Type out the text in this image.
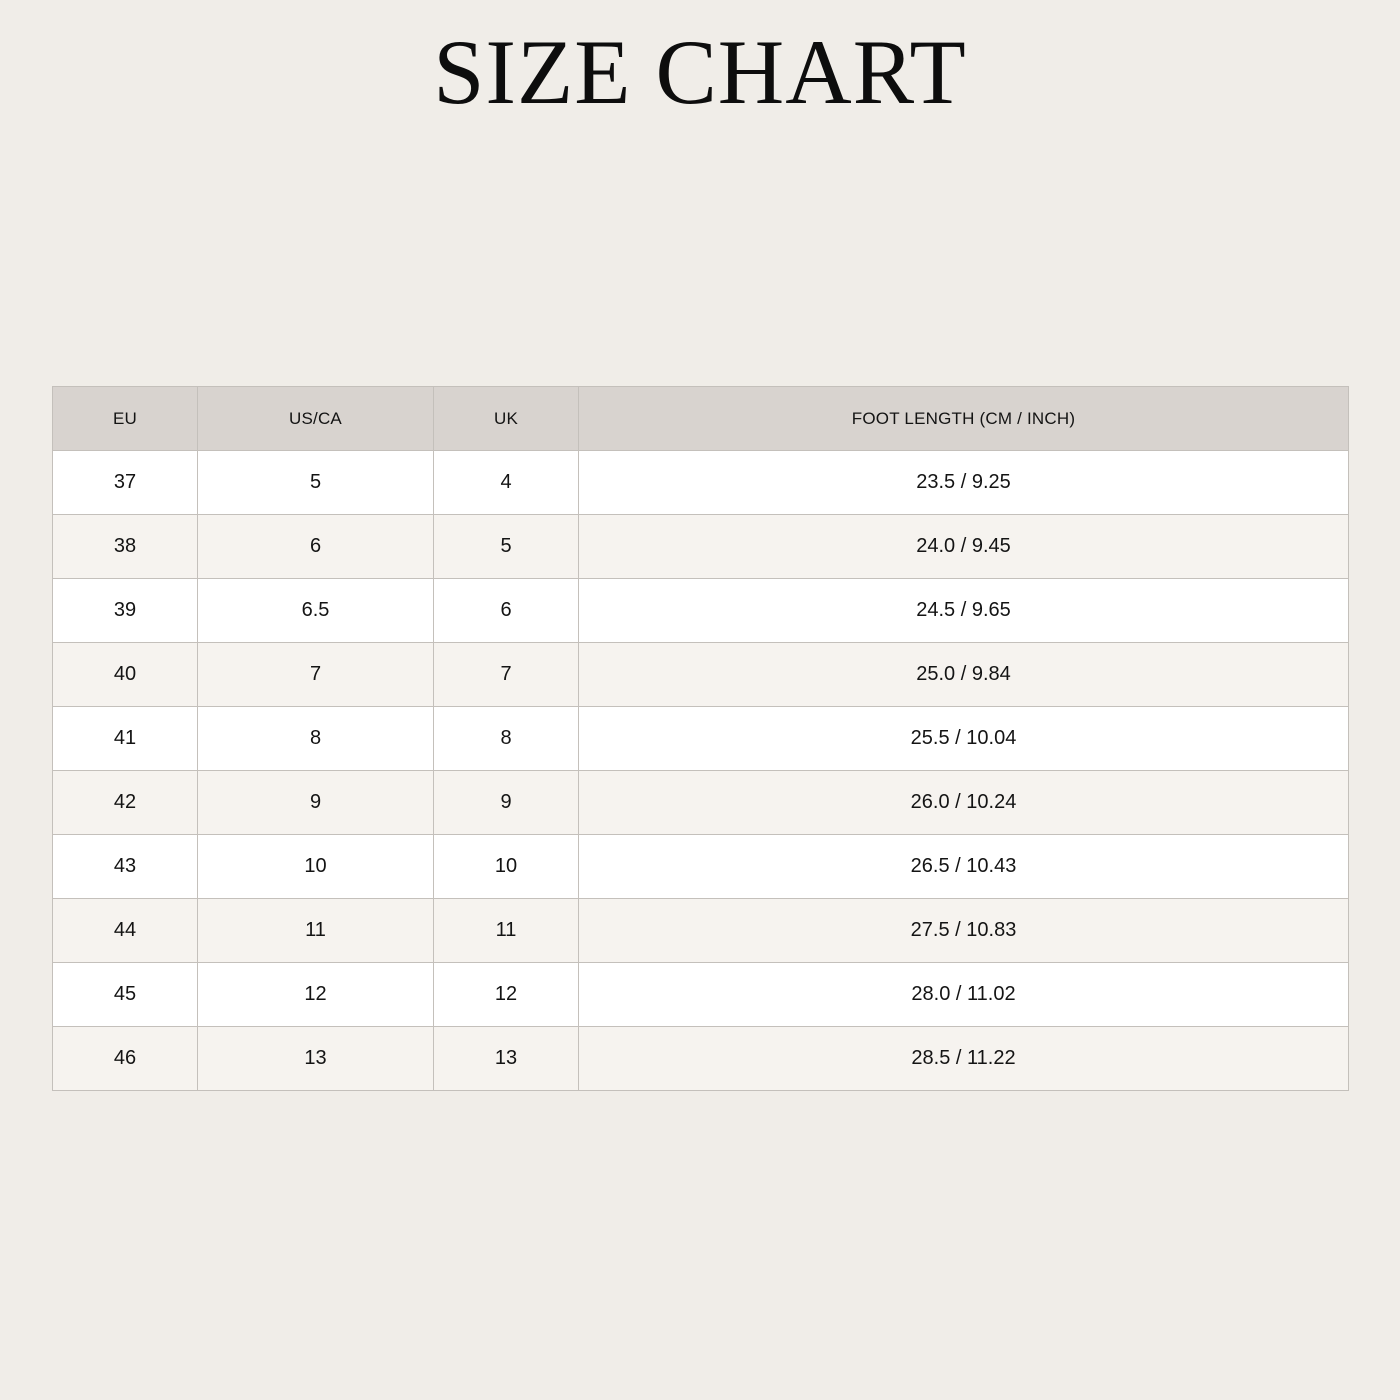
SIZE CHART
EU	US/CA	UK	FOOT LENGTH (CM / INCH)
37	5	4	23.5 / 9.25
38	6	5	24.0 / 9.45
39	6.5	6	24.5 / 9.65
40	7	7	25.0 / 9.84
41	8	8	25.5 / 10.04
42	9	9	26.0 / 10.24
43	10	10	26.5 / 10.43
44	11	11	27.5 / 10.83
45	12	12	28.0 / 11.02
46	13	13	28.5 / 11.22
